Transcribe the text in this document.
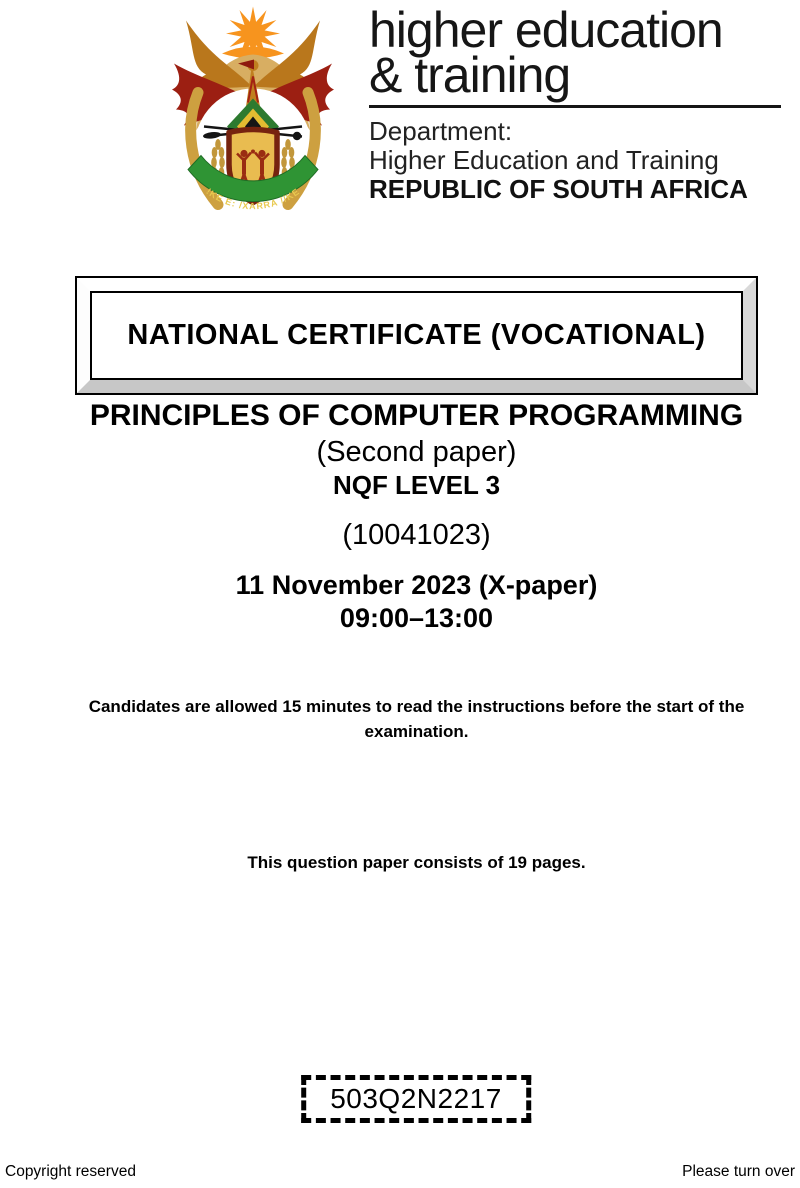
!KE E: /XARRA //KE
higher education
& training
Department:
Higher Education and Training
REPUBLIC OF SOUTH AFRICA
NATIONAL CERTIFICATE (VOCATIONAL)
PRINCIPLES OF COMPUTER PROGRAMMING
(Second paper)
NQF LEVEL 3
(10041023)
11 November 2023 (X-paper)
09:00–13:00
Candidates are allowed 15 minutes to read the instructions before the start of the examination.
This question paper consists of 19 pages.
503Q2N2217
Copyright reserved	Please turn over
